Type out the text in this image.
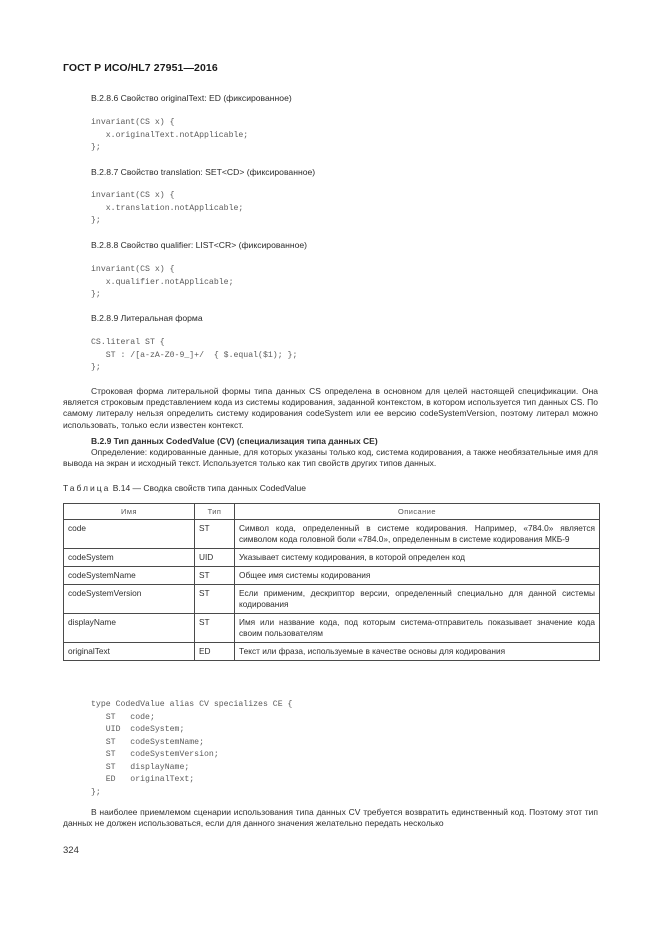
ГОСТ Р ИСО/HL7 27951—2016
B.2.8.6 Свойство originalText: ED (фиксированное)
invariant(CS x) {
x.originalText.notApplicable;
};
B.2.8.7 Свойство translation: SET<CD> (фиксированное)
invariant(CS x) {
x.translation.notApplicable;
};
B.2.8.8 Свойство qualifier: LIST<CR> (фиксированное)
invariant(CS x) {
x.qualifier.notApplicable;
};
B.2.8.9 Литеральная форма
CS.literal ST {
ST : /[a-zA-Z0-9_]+/  { $.equal($1); };
};
Строковая форма литеральной формы типа данных CS определена в основном для целей настоящей спецификации. Она является строковым представлением кода из системы кодирования, заданной контекстом, в котором используется тип данных CS. По самому литералу нельзя определить систему кодирования codeSystem или ее версию codeSystemVersion, поэтому литерал можно использовать, только если известен контекст.
B.2.9 Тип данных CodedValue (CV) (специализация типа данных CE)
Определение: кодированные данные, для которых указаны только код, система кодирования, а также необязательные имя для вывода на экран и исходный текст. Используется только как тип свойств других типов данных.
Таблица B.14 — Сводка свойств типа данных CodedValue
Имя	Тип	Описание
code	ST	Символ кода, определенный в системе кодирования. Например, «784.0» является символом кода головной боли «784.0», определенным в системе кодирования МКБ-9
codeSystem	UID	Указывает систему кодирования, в которой определен код
codeSystemName	ST	Общее имя системы кодирования
codeSystemVersion	ST	Если применим, дескриптор версии, определенный специально для данной системы кодирования
displayName	ST	Имя или название кода, под которым система-отправитель показывает значение кода своим пользователям
originalText	ED	Текст или фраза, используемые в качестве основы для кодирования
type CodedValue alias CV specializes CE {
ST   code;
UID  codeSystem;
ST   codeSystemName;
ST   codeSystemVersion;
ST   displayName;
ED   originalText;
};
В наиболее приемлемом сценарии использования типа данных CV требуется возвратить единственный код. Поэтому этот тип данных не должен использоваться, если для данного значения желательно передать несколько
324
